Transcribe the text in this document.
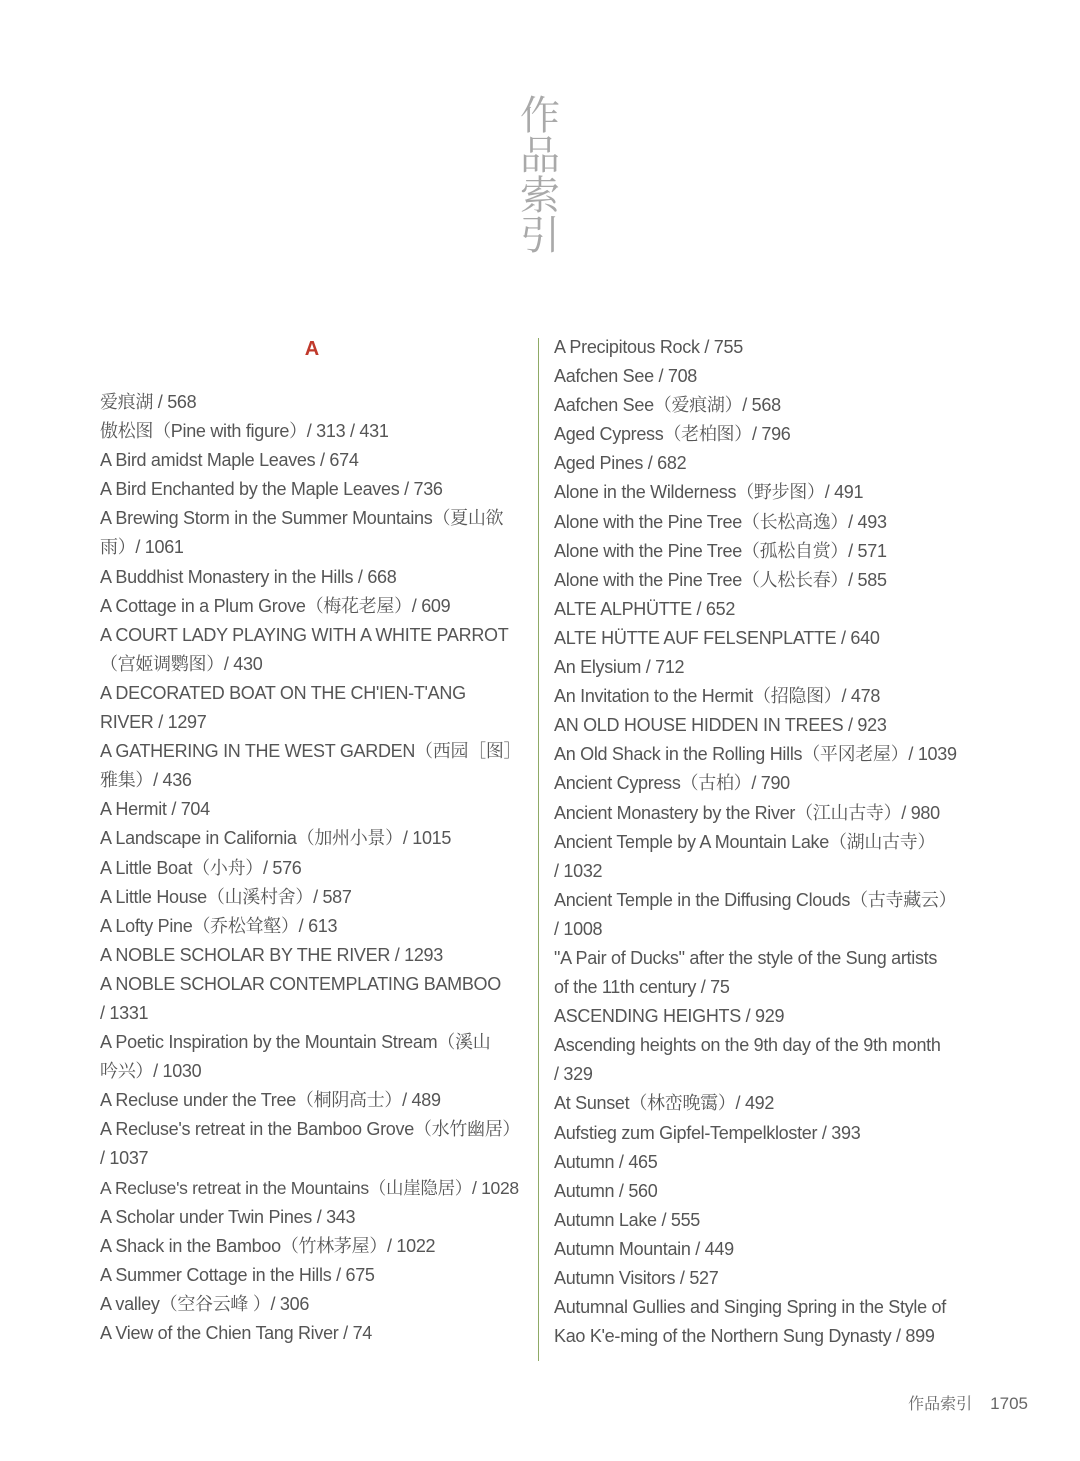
作
品
索
引
A
爱痕湖 / 568
傲松图（Pine with figure）/ 313 / 431
A Bird amidst Maple Leaves / 674
A Bird Enchanted by the Maple Leaves / 736
A Brewing Storm in the Summer Mountains（夏山欲
雨）/ 1061
A Buddhist Monastery in the Hills / 668
A Cottage in a Plum Grove（梅花老屋）/ 609
A COURT LADY PLAYING WITH A WHITE PARROT
（宫姬调鹦图）/ 430
A DECORATED BOAT ON THE CH'IEN-T'ANG
RIVER / 1297
A GATHERING IN THE WEST GARDEN（西园［图］
雅集）/ 436
A Hermit / 704
A Landscape in California（加州小景）/ 1015
A Little Boat（小舟）/ 576
A Little House（山溪村舍）/ 587
A Lofty Pine（乔松耸壑）/ 613
A NOBLE SCHOLAR BY THE RIVER / 1293
A NOBLE SCHOLAR CONTEMPLATING BAMBOO
/ 1331
A Poetic Inspiration by the Mountain Stream（溪山
吟兴）/ 1030
A Recluse under the Tree（桐阴高士）/ 489
A Recluse's retreat in the Bamboo Grove（水竹幽居）
/ 1037
A Recluse's retreat in the Mountains（山崖隐居）/ 1028
A Scholar under Twin Pines / 343
A Shack in the Bamboo（竹林茅屋）/ 1022
A Summer Cottage in the Hills / 675
A valley（空谷云峰 ）/ 306
A View of the Chien Tang River / 74
A Precipitous Rock / 755
Aafchen See / 708
Aafchen See（爱痕湖）/ 568
Aged Cypress（老柏图）/ 796
Aged Pines / 682
Alone in the Wilderness（野步图）/ 491
Alone with the Pine Tree（长松高逸）/ 493
Alone with the Pine Tree（孤松自赏）/ 571
Alone with the Pine Tree（人松长春）/ 585
ALTE ALPHÜTTE / 652
ALTE HÜTTE AUF FELSENPLATTE / 640
An Elysium / 712
An Invitation to the Hermit（招隐图）/ 478
AN OLD HOUSE HIDDEN IN TREES / 923
An Old Shack in the Rolling Hills（平冈老屋）/ 1039
Ancient Cypress（古柏）/ 790
Ancient Monastery by the River（江山古寺）/ 980
Ancient Temple by A Mountain Lake（湖山古寺）
/ 1032
Ancient Temple in the Diffusing Clouds（古寺藏云）
/ 1008
"A Pair of Ducks" after the style of the Sung artists
of the 11th century / 75
ASCENDING HEIGHTS / 929
Ascending heights on the 9th day of the 9th month
/ 329
At Sunset（林峦晚霭）/ 492
Aufstieg zum Gipfel-Tempelkloster / 393
Autumn / 465
Autumn / 560
Autumn Lake / 555
Autumn Mountain / 449
Autumn Visitors / 527
Autumnal Gullies and Singing Spring in the Style of
Kao K'e-ming of the Northern Sung Dynasty / 899
作品索引 1705
